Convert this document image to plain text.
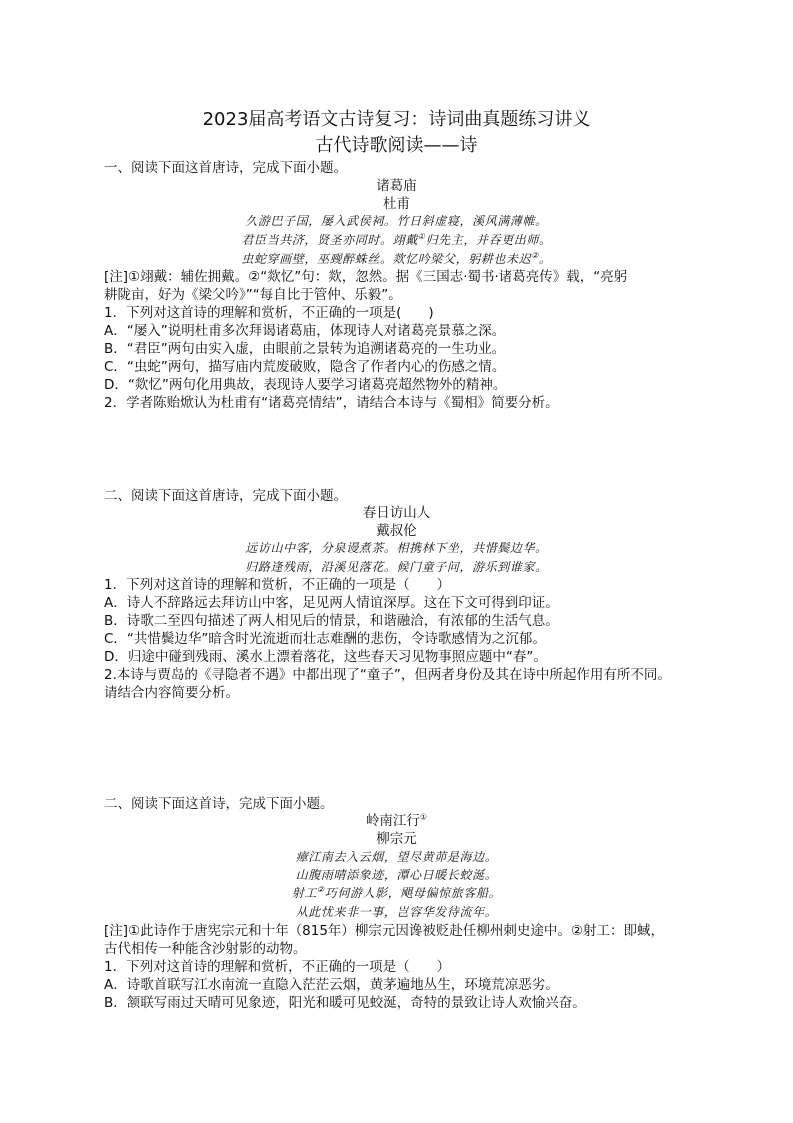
2023届高考语文古诗复习：诗词曲真题练习讲义
古代诗歌阅读——诗
一、阅读下面这首唐诗，完成下面小题。
诸葛庙
杜甫
久游巴子国，屡入武侯祠。竹日斜虚寝，溪风满薄帷。
君臣当共济，贤圣亦同时。翊戴①归先主，并吞更出师。
虫蛇穿画壁，巫觋醉蛛丝。欻忆吟梁父，躬耕也未迟②。
[注]①翊戴：辅佐拥戴。②“欻忆”句：欻，忽然。据《三国志·蜀书·诸葛亮传》载，“亮躬
耕陇亩，好为《梁父吟》”“每自比于管仲、乐毅”。
1．下列对这首诗的理解和赏析，不正确的一项是(　　)
A．“屡入”说明杜甫多次拜谒诸葛庙，体现诗人对诸葛亮景慕之深。
B．“君臣”两句由实入虚，由眼前之景转为追溯诸葛亮的一生功业。
C．“虫蛇”两句，描写庙内荒废破败，隐含了作者内心的伤感之情。
D．“欻忆”两句化用典故，表现诗人要学习诸葛亮超然物外的精神。
2．学者陈贻焮认为杜甫有“诸葛亮情结”，请结合本诗与《蜀相》简要分析。
二、阅读下面这首唐诗，完成下面小题。
春日访山人
戴叔伦
远访山中客，分泉谩煮茶。相携林下坐，共惜鬓边华。
归路逢残雨，沿溪见落花。候门童子问，游乐到谁家。
1．下列对这首诗的理解和赏析，不正确的一项是（　　）
A．诗人不辞路远去拜访山中客，足见两人情谊深厚。这在下文可得到印证。
B．诗歌二至四句描述了两人相见后的情景，和谐融洽，有浓郁的生活气息。
C．“共惜鬓边华”暗含时光流逝而壮志难酬的悲伤，令诗歌感情为之沉郁。
D．归途中碰到残雨、溪水上漂着落花，这些春天习见物事照应题中“春”。
2.本诗与贾岛的《寻隐者不遇》中都出现了“童子”，但两者身份及其在诗中所起作用有所不同。
请结合内容简要分析。
二、阅读下面这首诗，完成下面小题。
岭南江行①
柳宗元
瘴江南去入云烟，望尽黄茆是海边。
山腹雨晴添象迹，潭心日暖长蛟涎。
射工②巧伺游人影，飓母偏惊旅客船。
从此忧来非一事，岂容华发待流年。
[注]①此诗作于唐宪宗元和十年（815年）柳宗元因谗被贬赴任柳州刺史途中。②射工：即蜮，
古代相传一种能含沙射影的动物。
1．下列对这首诗的理解和赏析，不正确的一项是（　　）
A．诗歌首联写江水南流一直隐入茫茫云烟，黄茅遍地丛生，环境荒凉恶劣。
B．颔联写雨过天晴可见象迹，阳光和暖可见蛟涎，奇特的景致让诗人欢愉兴奋。
